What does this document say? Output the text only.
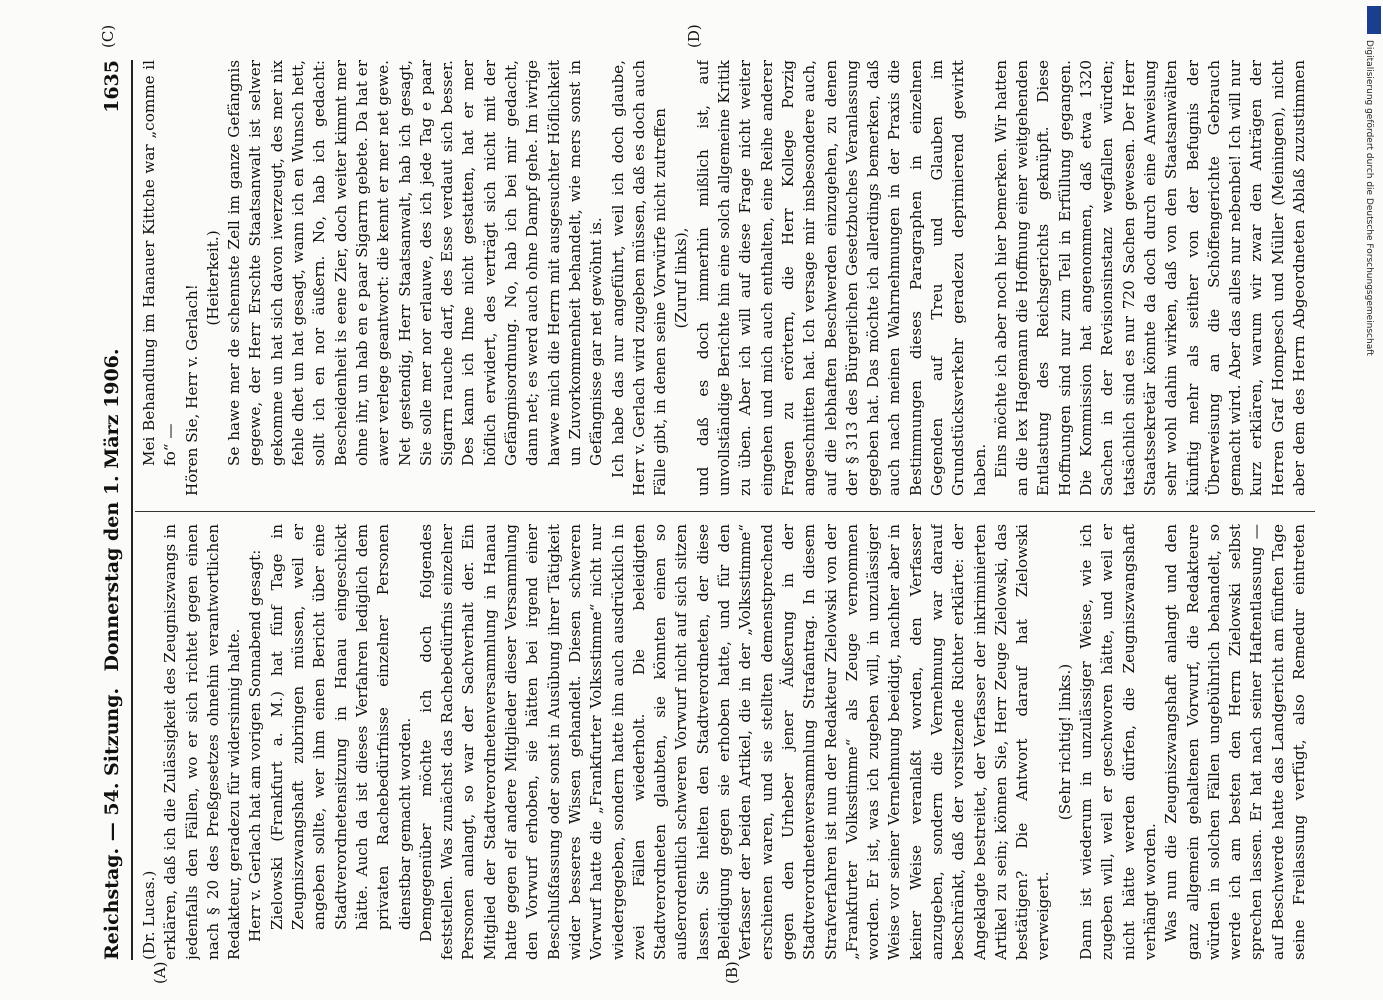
Reichstag. — 54. Sitzung.
Donnerstag den 1. März 1906.
1635
(A)	(B)
(C)	(D)

(Dr. Lucas.) erklären, daß ich die Zulässigkeit des Zeugniszwangs in jedenfalls den Fällen, wo er sich richtet gegen einen nach § 20 des Preßgesetzes ohnehin verantwortlichen Redakteur, geradezu für widersinnig halte. Herr v. Gerlach hat am vorigen Sonnabend gesagt: Zielowski (Frankfurt a. M.) hat fünf Tage in Zeugniszwangshaft zubringen müssen, weil er angeben sollte, wer ihm einen Bericht über eine Stadtverordnetensitzung in Hanau eingeschickt hätte. Auch da ist dieses Verfahren lediglich dem privaten Rachebedürfnisse einzelner Personen dienstbar gemacht worden. Demgegenüber möchte ich doch folgendes feststellen. Was zunächst das Rachebedürfnis einzelner Personen anlangt, so war der Sachverhalt der. Ein Mitglied der Stadtverordnetenversammlung in Hanau hatte gegen elf andere Mitglieder dieser Versammlung den Vorwurf erhoben, sie hätten bei irgend einer Beschlußfassung oder sonst in Ausübung ihrer Tätigkeit wider besseres Wissen gehandelt. Diesen schweren Vorwurf hatte die „Frankfurter Volksstimme“ nicht nur wiedergegeben, sondern hatte ihn auch ausdrücklich in zwei Fällen wiederholt. Die beleidigten Stadtverordneten glaubten, sie könnten einen so außerordentlich schweren Vorwurf nicht auf sich sitzen lassen. Sie hielten den Stadtverordneten, der diese Beleidigung gegen sie erhoben hatte, und für den Verfasser der beiden Artikel, die in der „Volksstimme“ erschienen waren, und sie stellten demenstprechend gegen den Urheber jener Äußerung in der Stadtverordnetenversammlung Strafantrag. In diesem Strafverfahren ist nun der Redakteur Zielowski von der „Frankfurter Volksstimme“ als Zeuge vernommen worden. Er ist, was ich zugeben will, in unzulässiger Weise vor seiner Vernehmung beeidigt, nachher aber in keiner Weise veranlaßt worden, den Verfasser anzugeben, sondern die Vernehmung war darauf beschränkt, daß der vorsitzende Richter erklärte: der Angeklagte bestreitet, der Verfasser der inkriminierten Artikel zu sein; können Sie, Herr Zeuge Zielowski, das bestätigen? Die Antwort darauf hat Zielowski verweigert.

(Sehr richtig! links.) Dann ist wiederum in unzulässiger Weise, wie ich zugeben will, weil er geschworen hätte, und weil er nicht hätte werden dürfen, die Zeugniszwangshaft verhängt worden. Was nun die Zeugniszwangshaft anlangt und den ganz allgemein gehaltenen Vorwurf, die Redakteure würden in solchen Fällen ungebührlich behandelt, so werde ich am besten den Herrn Zielowski selbst sprechen lassen. Er hat nach seiner Haftentlassung — auf Beschwerde hatte das Landgericht am fünften Tage seine Freilassung verfügt, also Remedur eintreten

Mei Behandlung im Hanauer Kittche war „comme il fo“ — Hören Sie, Herr v. Gerlach!

(Heiterkeit.) Se hawe mer de schennste Zell im ganze Gefängnis gegewe, der Herr Erschte Staatsanwalt ist selwer gekomme un hat sich davon iwerzeugt, des mer nix fehle dhet un hat gesagt, wann ich en Wunsch hett, sollt ich en nor äußern. No, hab ich gedacht: Bescheidenheit is eene Zier, doch weiter kimmt mer ohne ihr, un hab en e paar Sigarrn gebete. Da hat er awer verlege geantwort: die kennt er mer net gewe. Net gestendig, Herr Staatsanwalt, hab ich gesagt, Sie solle mer nor erlauwe, des ich jede Tag e paar Sigarrn rauche darf, des Esse verdaut sich besser. Des kann ich Ihne nicht gestatten, hat er mer höflich erwidert, des verträgt sich nicht mit der Gefängnisordnung. No, hab ich bei mir gedacht, dann net; es werd auch ohne Dampf gehe. Im iwrige hawwe mich die Herrn mit ausgesuchter Höflichkeit un Zuvorkommenheit behandelt, wie mers sonst in Gefängnisse gar net gewöhnt is. Ich habe das nur angeführt, weil ich doch glaube, Herr v. Gerlach wird zugeben müssen, daß es doch auch Fälle gibt, in denen seine Vorwürfe nicht zutreffen (Zuruf links), und daß es doch immerhin mißlich ist, auf unvollständige Berichte hin eine solch allgemeine Kritik zu üben. Aber ich will auf diese Frage nicht weiter eingehen und mich auch enthalten, eine Reihe anderer Fragen zu erörtern, die Herr Kollege Porzig angeschnitten hat. Ich versage mir insbesondere auch, auf die lebhaften Beschwerden einzugehen, zu denen der § 313 des Bürgerlichen Gesetzbuches Veranlassung gegeben hat. Das möchte ich allerdings bemerken, daß auch nach meinen Wahrnehmungen in der Praxis die Bestimmungen dieses Paragraphen in einzelnen Gegenden auf Treu und Glauben im Grundstücksverkehr geradezu deprimierend gewirkt haben. Eins möchte ich aber noch hier bemerken. Wir hatten an die lex Hagemann die Hoffnung einer weitgehenden Entlastung des Reichsgerichts geknüpft. Diese Hoffnungen sind nur zum Teil in Erfüllung gegangen. Die Kommission hat angenommen, daß etwa 1320 Sachen in der Revisionsinstanz wegfallen würden; tatsächlich sind es nur 720 Sachen gewesen. Der Herr Staatssekretär könnte da doch durch eine Anweisung sehr wohl dahin wirken, daß von den Staatsanwälten künftig mehr als seither von der Befugnis der Überweisung an die Schöffengerichte Gebrauch gemacht wird. Aber das alles nur nebenbei! Ich will nur kurz erklären, warum wir zwar den Anträgen der Herren Graf Hompesch und Müller (Meiningen), nicht aber dem des Herrn Abgeordneten Ablaß zuzustimmen

DFG
Digitalisierung gefördert durch die Deutsche Forschungsgemeinschaft
